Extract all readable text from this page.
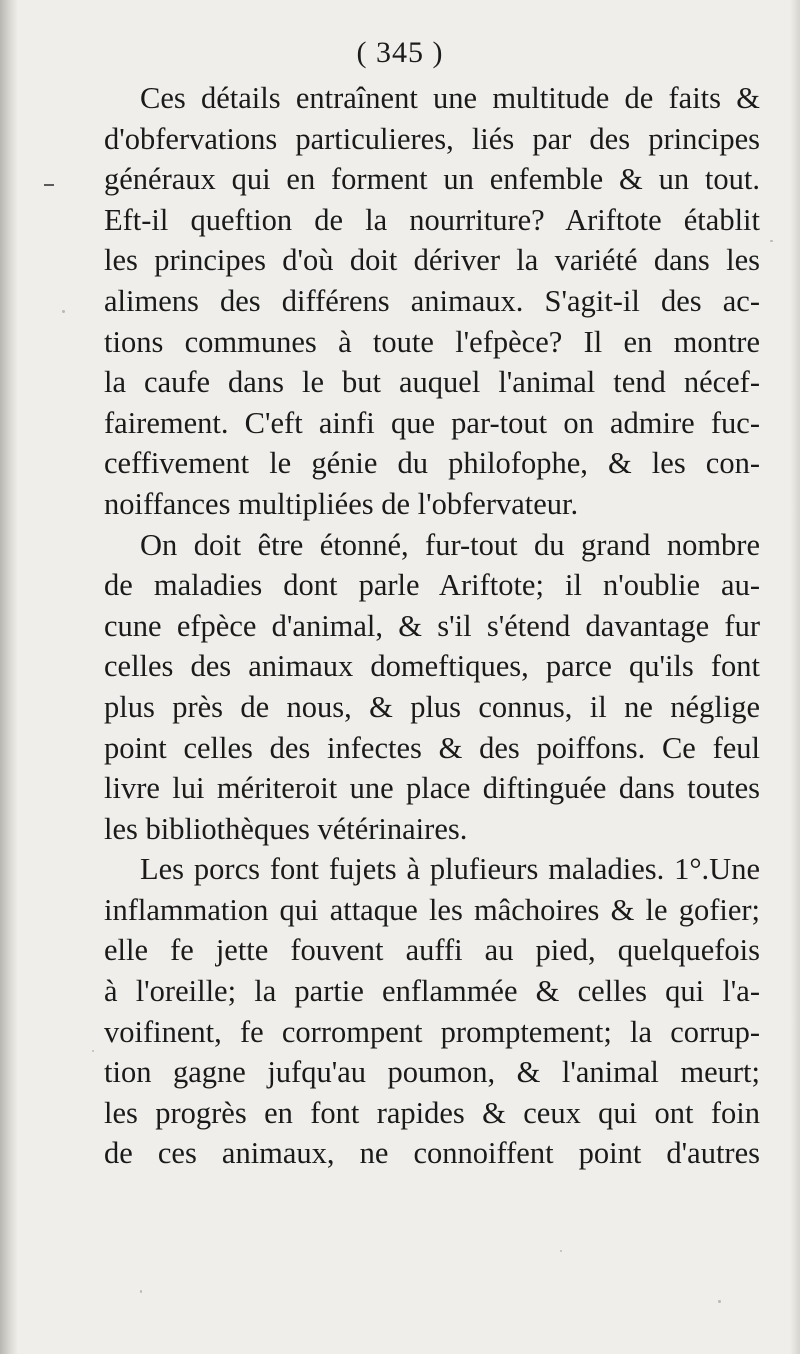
( 345 )
Ces détails entraînent une multitude de faits &
d'obfervations particulieres, liés par des principes
généraux qui en forment un enfemble & un tout.
Eft-il queftion de la nourriture? Ariftote établit
les principes d'où doit dériver la variété dans les
alimens des différens animaux. S'agit-il des ac-
tions communes à toute l'efpèce? Il en montre
la caufe dans le but auquel l'animal tend nécef-
fairement. C'eft ainfi que par-tout on admire fuc-
ceffivement le génie du philofophe, & les con-
noiffances multipliées de l'obfervateur.
On doit être étonné, fur-tout du grand nombre
de maladies dont parle Ariftote; il n'oublie au-
cune efpèce d'animal, & s'il s'étend davantage fur
celles des animaux domeftiques, parce qu'ils font
plus près de nous, & plus connus, il ne néglige
point celles des infectes & des poiffons. Ce feul
livre lui mériteroit une place diftinguée dans toutes
les bibliothèques vétérinaires.
Les porcs font fujets à plufieurs maladies. 1°.Une
inflammation qui attaque les mâchoires & le gofier;
elle fe jette fouvent auffi au pied, quelquefois
à l'oreille; la partie enflammée & celles qui l'a-
voifinent, fe corrompent promptement; la corrup-
tion gagne jufqu'au poumon, & l'animal meurt;
les progrès en font rapides & ceux qui ont foin
de ces animaux, ne connoiffent point d'autres
